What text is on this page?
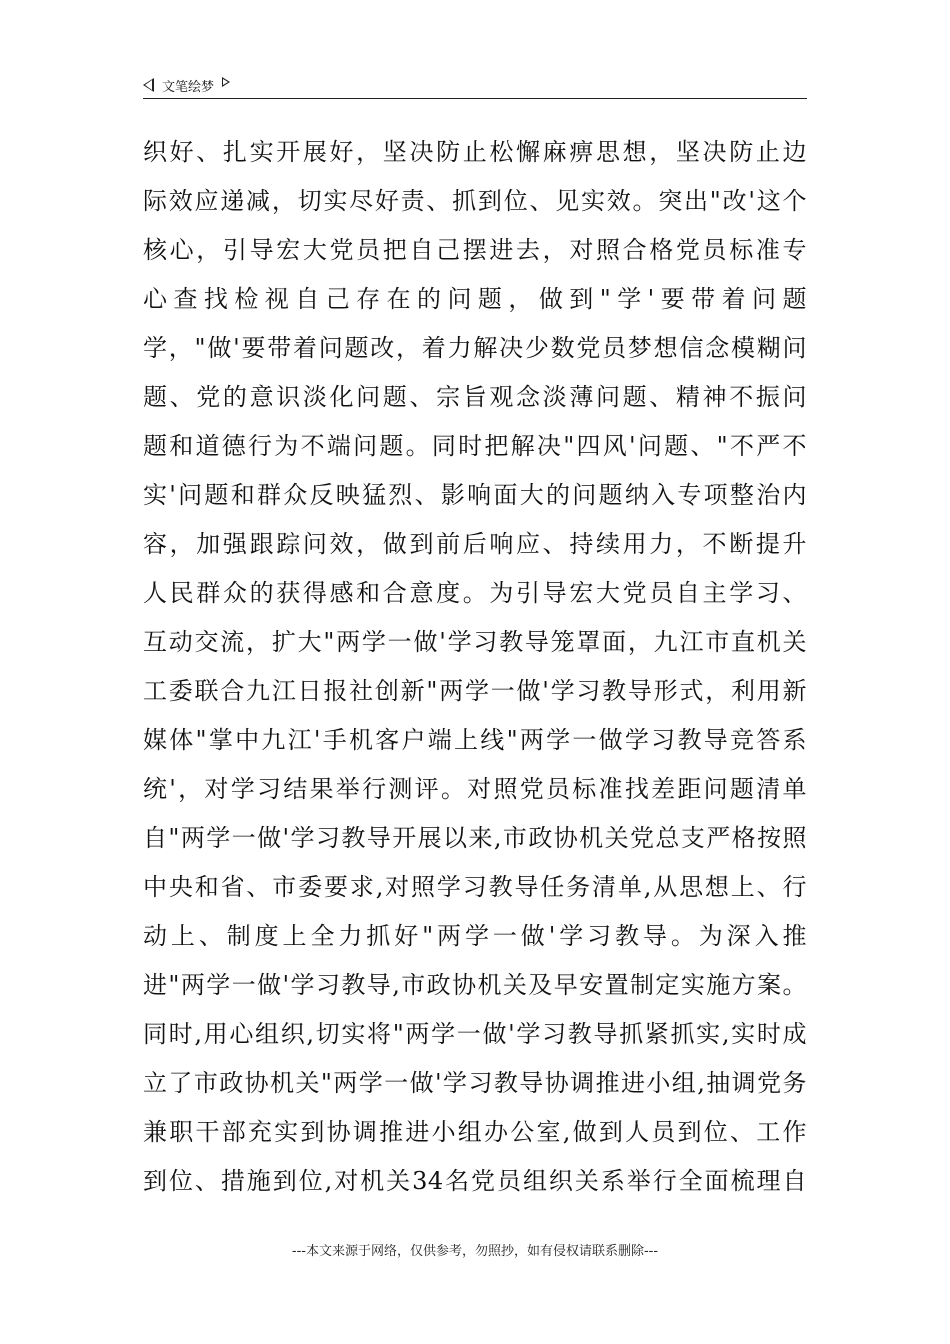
文笔绘梦
织好、扎实开展好，坚决防止松懈麻痹思想，坚决防止边
际效应递减，切实尽好责、抓到位、见实效。突出"改'这个
核心，引导宏大党员把自己摆进去，对照合格党员标准专
心查找检视自己存在的问题，做到"学'要带着问题
学，"做'要带着问题改，着力解决少数党员梦想信念模糊问
题、党的意识淡化问题、宗旨观念淡薄问题、精神不振问
题和道德行为不端问题。同时把解决"四风'问题、"不严不
实'问题和群众反映猛烈、影响面大的问题纳入专项整治内
容，加强跟踪问效，做到前后响应、持续用力，不断提升
人民群众的获得感和合意度。为引导宏大党员自主学习、
互动交流，扩大"两学一做'学习教导笼罩面，九江市直机关
工委联合九江日报社创新"两学一做'学习教导形式，利用新
媒体"掌中九江'手机客户端上线"两学一做学习教导竞答系
统'，对学习结果举行测评。对照党员标准找差距问题清单
自"两学一做'学习教导开展以来,市政协机关党总支严格按照
中央和省、市委要求,对照学习教导任务清单,从思想上、行
动上、制度上全力抓好"两学一做'学习教导。为深入推
进"两学一做'学习教导,市政协机关及早安置制定实施方案。
同时,用心组织,切实将"两学一做'学习教导抓紧抓实,实时成
立了市政协机关"两学一做'学习教导协调推进小组,抽调党务
兼职干部充实到协调推进小组办公室,做到人员到位、工作
到位、措施到位,对机关34名党员组织关系举行全面梳理自
---本文来源于网络，仅供参考，勿照抄，如有侵权请联系删除---
